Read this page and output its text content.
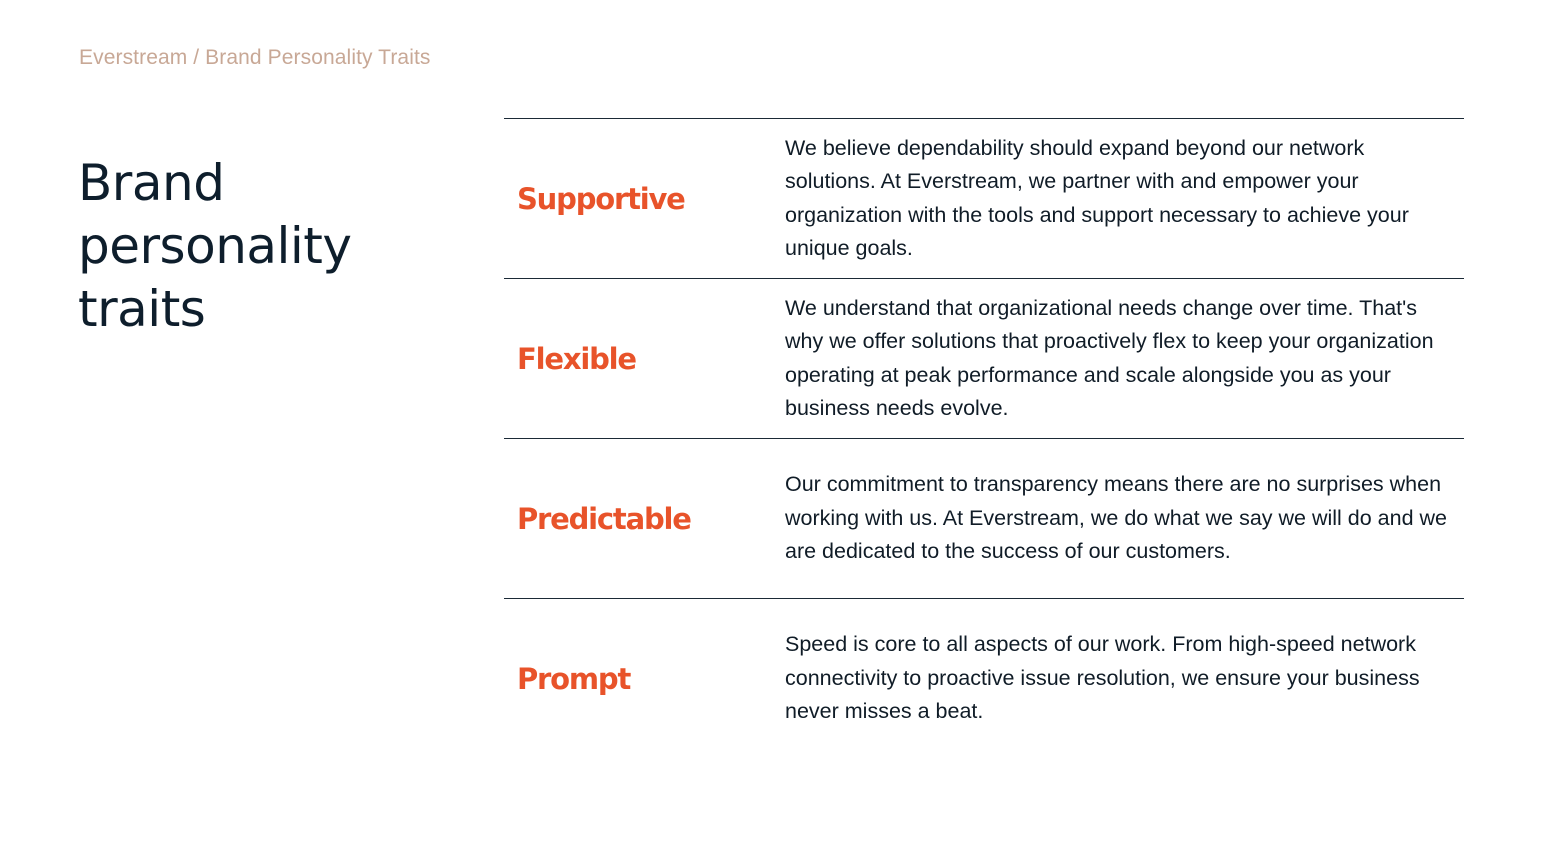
Everstream / Brand Personality Traits
Brand personality traits
Supportive

We believe dependability should expand beyond our network solutions. At Everstream, we partner with and empower your organization with the tools and support necessary to achieve your unique goals.

Flexible

We understand that organizational needs change over time. That's why we offer solutions that proactively flex to keep your organization operating at peak performance and scale alongside you as your business needs evolve.

Predictable

Our commitment to transparency means there are no surprises when working with us. At Everstream, we do what we say we will do and we are dedicated to the success of our customers.

Prompt

Speed is core to all aspects of our work. From high-speed network connectivity to proactive issue resolution, we ensure your business never misses a beat.
